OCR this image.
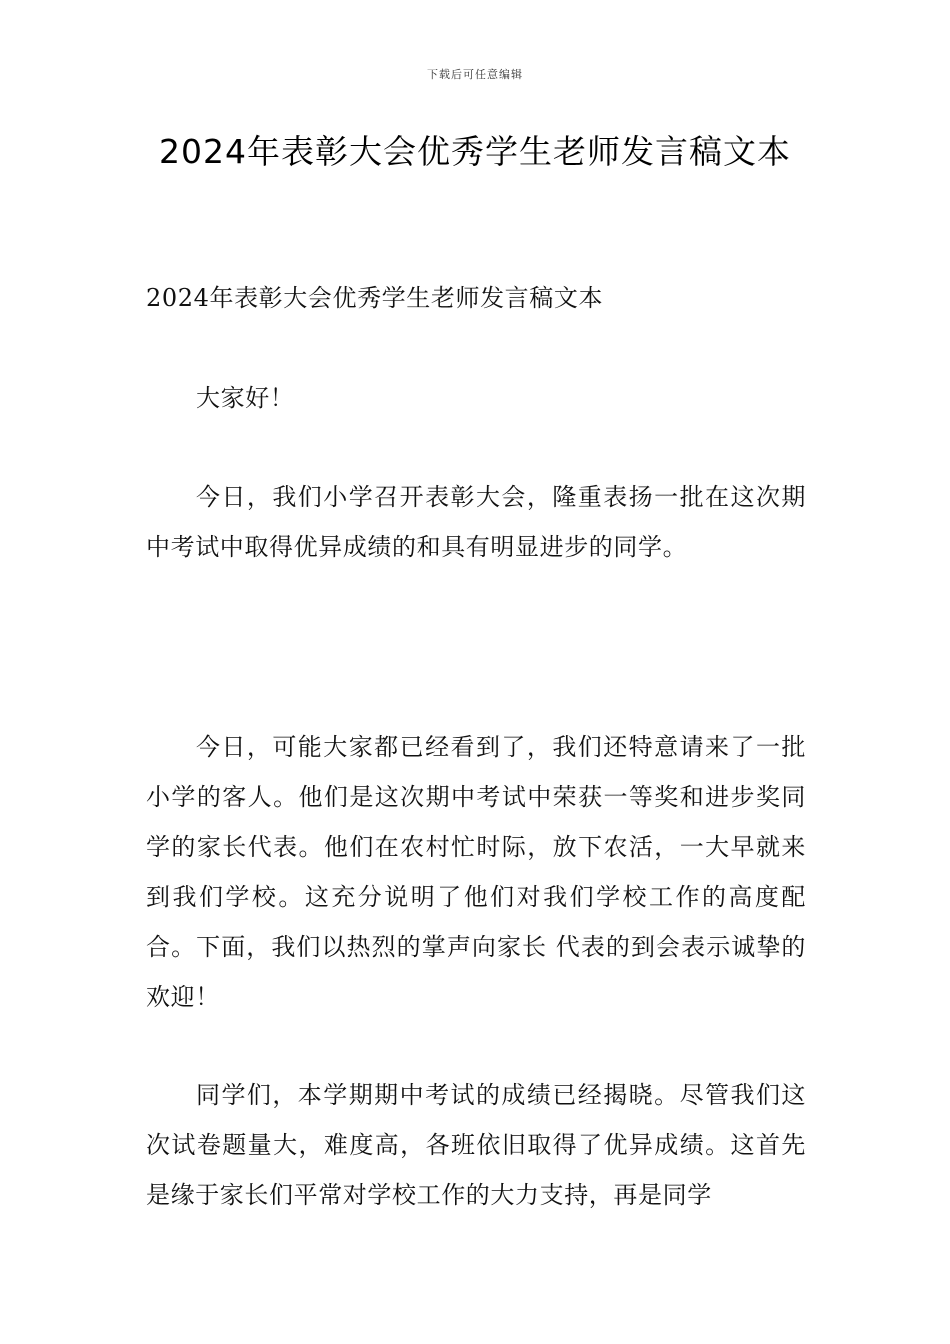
下载后可任意编辑
2024年表彰大会优秀学生老师发言稿文本

2024年表彰大会优秀学生老师发言稿文本

大家好！

今日，我们小学召开表彰大会，隆重表扬一批在这次期中考试中取得优异成绩的和具有明显进步的同学。

今日，可能大家都已经看到了，我们还特意请来了一批小学的客人。他们是这次期中考试中荣获一等奖和进步奖同学的家长代表。他们在农村忙时际，放下农活，一大早就来到我们学校。这充分说明了他们对我们学校工作的高度配合。下面，我们以热烈的掌声向家长 代表的到会表示诚挚的欢迎！

同学们，本学期期中考试的成绩已经揭晓。尽管我们这次试卷题量大，难度高，各班依旧取得了优异成绩。这首先是缘于家长们平常对学校工作的大力支持，再是同学
